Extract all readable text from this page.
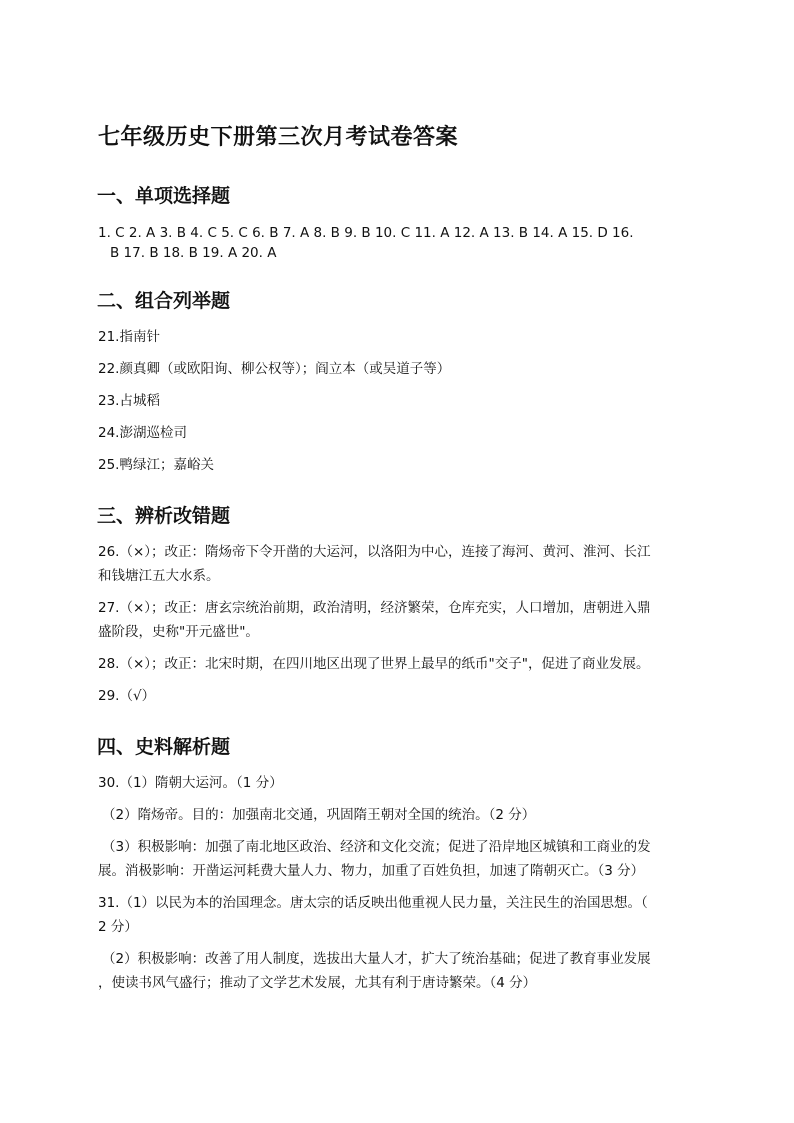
七年级历史下册第三次月考试卷答案
一、单项选择题
1. C 2. A 3. B 4. C 5. C 6. B 7. A 8. B 9. B 10. C 11. A 12. A 13. B 14. A 15. D 16.
B 17. B 18. B 19. A 20. A
二、组合列举题
21.指南针
22.颜真卿（或欧阳询、柳公权等）；阎立本（或吴道子等）
23.占城稻
24.澎湖巡检司
25.鸭绿江；嘉峪关
三、辨析改错题
26.（×）；改正：隋炀帝下令开凿的大运河，以洛阳为中心，连接了海河、黄河、淮河、长江
和钱塘江五大水系。
27.（×）；改正：唐玄宗统治前期，政治清明，经济繁荣，仓库充实，人口增加，唐朝进入鼎
盛阶段，史称"开元盛世"。
28.（×）；改正：北宋时期，在四川地区出现了世界上最早的纸币"交子"，促进了商业发展。
29.（√）
四、史料解析题
30.（1）隋朝大运河。（1 分）
（2）隋炀帝。目的：加强南北交通，巩固隋王朝对全国的统治。（2 分）
（3）积极影响：加强了南北地区政治、经济和文化交流；促进了沿岸地区城镇和工商业的发
展。消极影响：开凿运河耗费大量人力、物力，加重了百姓负担，加速了隋朝灭亡。（3 分）
31.（1）以民为本的治国理念。唐太宗的话反映出他重视人民力量，关注民生的治国思想。（
2 分）
（2）积极影响：改善了用人制度，选拔出大量人才，扩大了统治基础；促进了教育事业发展
，使读书风气盛行；推动了文学艺术发展，尤其有利于唐诗繁荣。（4 分）
